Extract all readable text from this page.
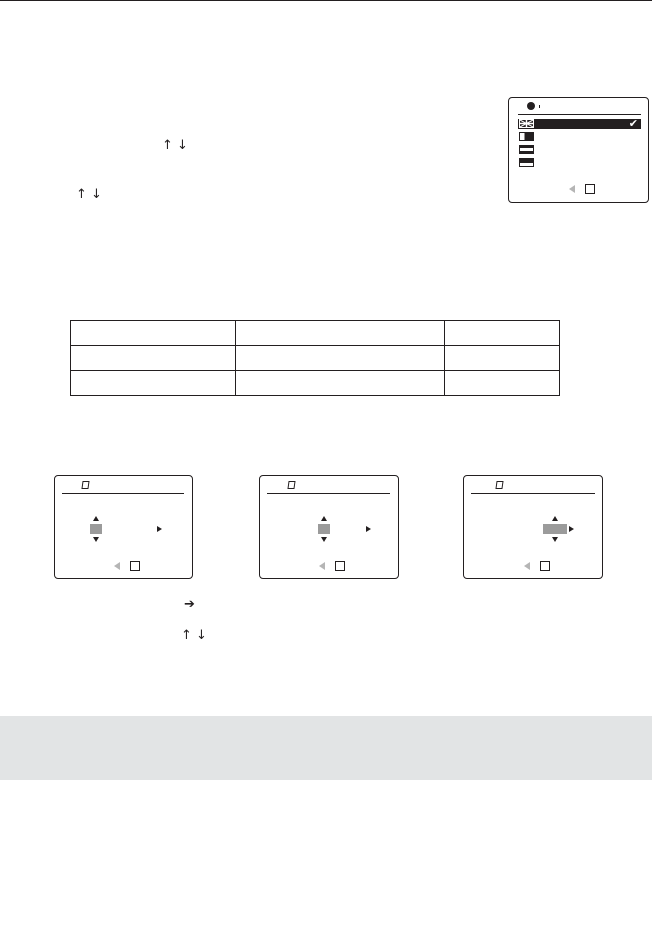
↑ ↓
↑ ↓
✔

➔
↑ ↓
